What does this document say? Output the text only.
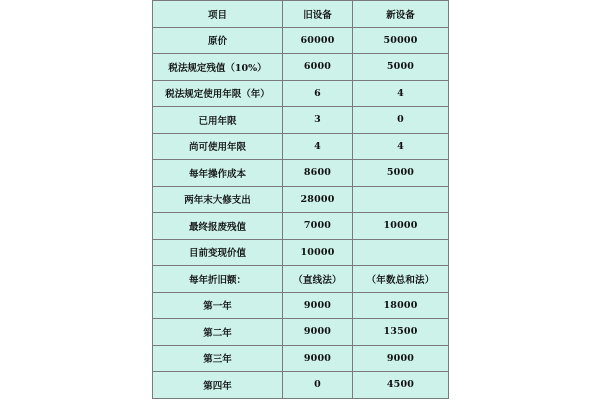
项目	旧设备	新设备
原价	60000	50000
税法规定残值（10%）	6000	5000
税法规定使用年限（年）	6	4
已用年限	3	0
尚可使用年限	4	4
每年操作成本	8600	5000
两年末大修支出	28000	
最终报废残值	7000	10000
目前变现价值	10000	
每年折旧额：	（直线法）	（年数总和法）
第一年	9000	18000
第二年	9000	13500
第三年	9000	9000
第四年	0	4500
